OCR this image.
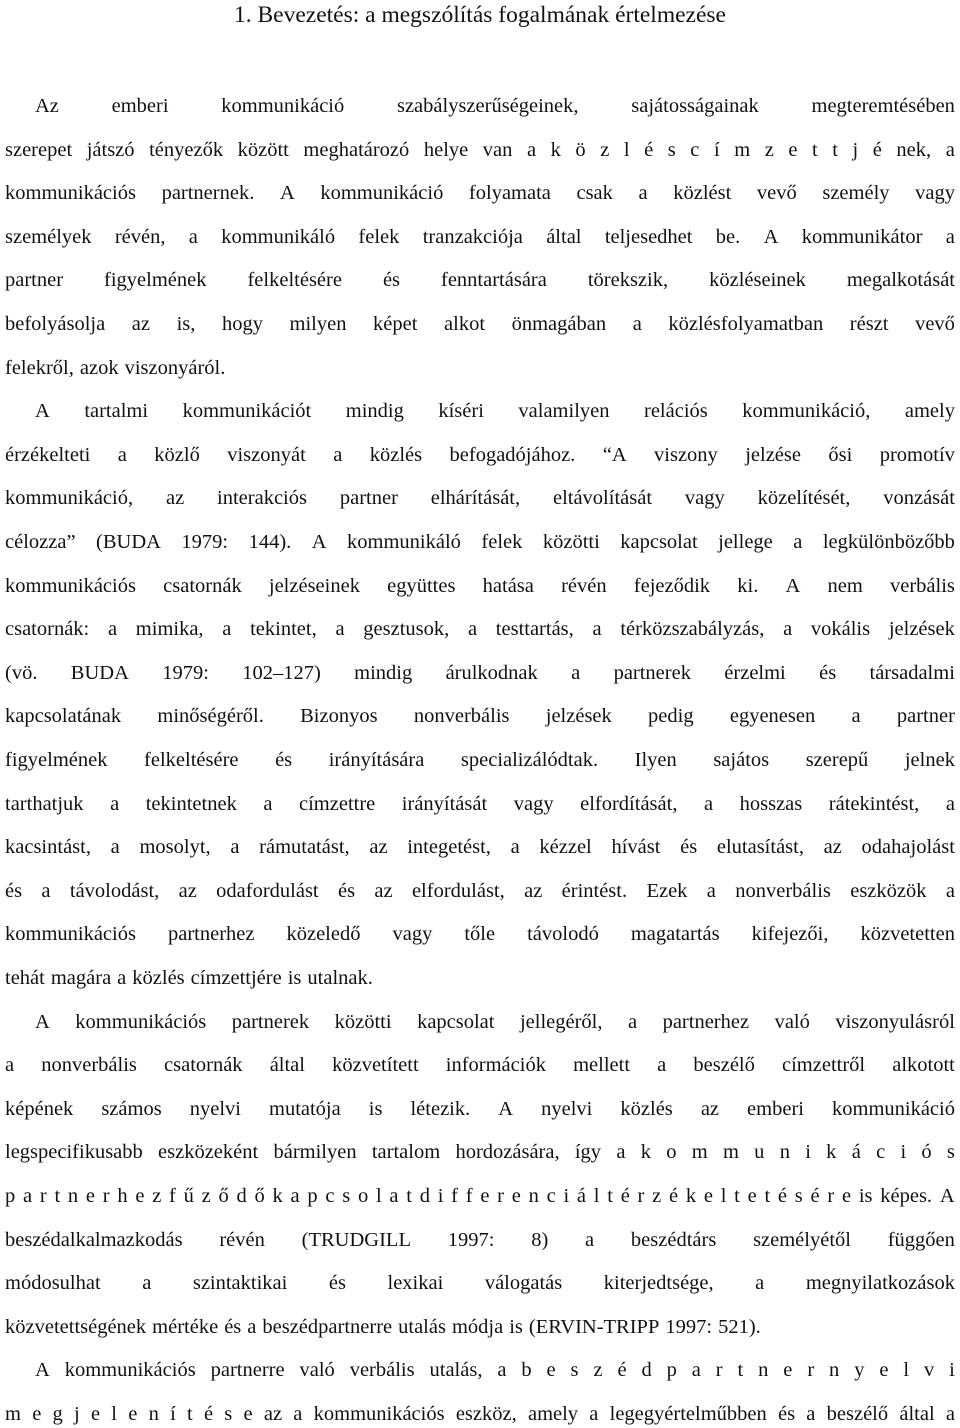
1. Bevezetés: a megszólítás fogalmának értelmezése
Az	emberi	kommunikáció	szabályszerűségeinek,	sajátosságainak	megteremtésében
szerepet játszó tényezők között meghatározó helye van a k ö z l é s c í m z e t t j é nek, a
kommunikációs partnernek. A kommunikáció folyamata csak a közlést vevő személy vagy
személyek révén, a kommunikáló felek tranzakciója által teljesedhet be. A kommunikátor a
partner figyelmének felkeltésére és fenntartására törekszik, közléseinek megalkotását
befolyásolja az is, hogy milyen képet alkot önmagában a közlésfolyamatban részt vevő
felekről, azok viszonyáról.
A tartalmi kommunikációt mindig kíséri valamilyen relációs kommunikáció, amely
érzékelteti a közlő viszonyát a közlés befogadójához. “A viszony jelzése ősi promotív
kommunikáció, az interakciós partner elhárítását, eltávolítását vagy közelítését, vonzását
célozza” (BUDA 1979: 144). A kommunikáló felek közötti kapcsolat jellege a legkülönbözőbb
kommunikációs csatornák jelzéseinek együttes hatása révén fejeződik ki. A nem verbális
csatornák: a mimika, a tekintet, a gesztusok, a testtartás, a térközszabályzás, a vokális jelzések
(vö. BUDA 1979: 102–127) mindig árulkodnak a partnerek érzelmi és társadalmi
kapcsolatának minőségéről. Bizonyos nonverbális jelzések pedig egyenesen a partner
figyelmének felkeltésére és irányítására specializálódtak. Ilyen sajátos szerepű jelnek
tarthatjuk a tekintetnek a címzettre irányítását vagy elfordítását, a hosszas rátekintést, a
kacsintást, a mosolyt, a rámutatást, az integetést, a kézzel hívást és elutasítást, az odahajolást
és a távolodást, az odafordulást és az elfordulást, az érintést. Ezek a nonverbális eszközök a
kommunikációs partnerhez közeledő vagy tőle távolodó magatartás kifejezői, közvetetten
tehát magára a közlés címzettjére is utalnak.
A kommunikációs partnerek közötti kapcsolat jellegéről, a partnerhez való viszonyulásról
a nonverbális csatornák által közvetített információk mellett a beszélő címzettről alkotott
képének számos nyelvi mutatója is létezik. A nyelvi közlés az emberi kommunikáció
legspecifikusabb eszközeként bármilyen tartalom hordozására, így a k o m m u n i k á c i ó s
p a r t n e r h e z f ű z ő d ő k a p c s o l a t d i f f e r e n c i á l t é r z é k e l t e t é s é r e is képes. A
beszédalkalmazkodás révén (TRUDGILL 1997: 8) a beszédtárs személyétől függően
módosulhat a szintaktikai és lexikai válogatás kiterjedtsége, a megnyilatkozások
közvetettségének mértéke és a beszédpartnerre utalás módja is (ERVIN-TRIPP 1997: 521).
A kommunikációs partnerre való verbális utalás, a b e s z é d p a r t n e r n y e l v i
m e g j e l e n í t é s e az a kommunikációs eszköz, amely a legegyértelműbben és a beszélő által a
